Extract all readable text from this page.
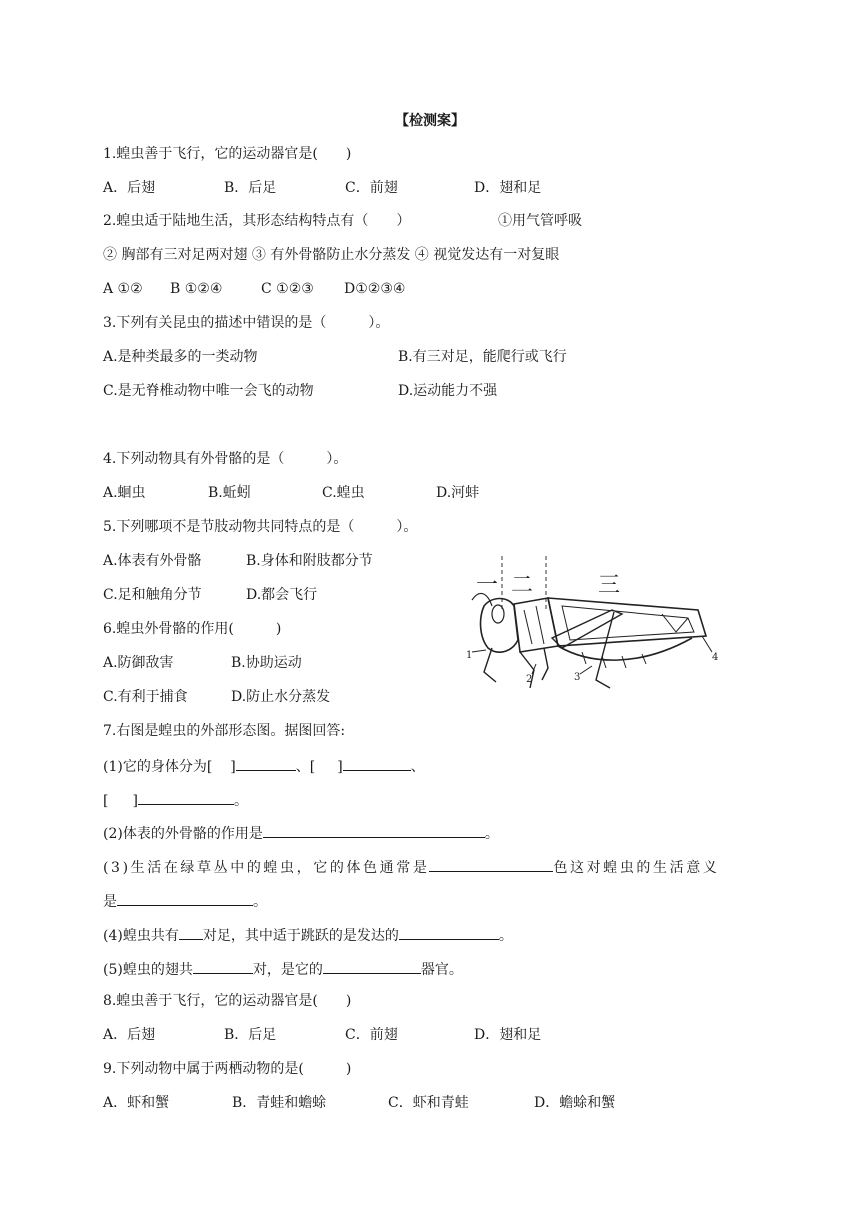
【检测案】
1.蝗虫善于飞行，它的运动器官是(　　)
A．后翅	B．后足	C．前翅	D．翅和足
2.蝗虫适于陆地生活，其形态结构特点有（　　）	①用气管呼吸
② 胸部有三对足两对翅 ③ 有外骨骼防止水分蒸发 ④ 视觉发达有一对复眼
A ①② B ①②④	C ①②③ D①②③④
3.下列有关昆虫的描述中错误的是（　　　）。
A.是种类最多的一类动物	B.有三对足，能爬行或飞行
C.是无脊椎动物中唯一会飞的动物	D.运动能力不强
4.下列动物具有外骨骼的是（　　　）。
A.蛔虫	B.蚯蚓	C.蝗虫	D.河蚌
5.下列哪项不是节肢动物共同特点的是（　　　）。
A.体表有外骨骼	B.身体和附肢都分节
C.足和触角分节	D.都会飞行
6.蝗虫外骨骼的作用(　　　)
A.防御敌害	B.协助运动
C.有利于捕食	D.防止水分蒸发
一 二	三
1
2	3
4
7.右图是蝗虫的外部形态图。据图回答:
(1)它的身体分为[ ]	、[ ]	、
[ ]	。
(2)体表的外骨骼的作用是	。
(3)生活在绿草丛中的蝗虫，它的体色通常是	色这对蝗虫的生活意义
是	。
(4)蝗虫共有 对足，其中适于跳跃的是发达的	。
(5)蝗虫的翅共	对，是它的	器官。
8.蝗虫善于飞行，它的运动器官是(　　)
A．后翅	B．后足	C．前翅	D．翅和足
9.下列动物中属于两栖动物的是(　　　)
A．虾和蟹	B．青蛙和蟾蜍	C．虾和青蛙	D．蟾蜍和蟹
